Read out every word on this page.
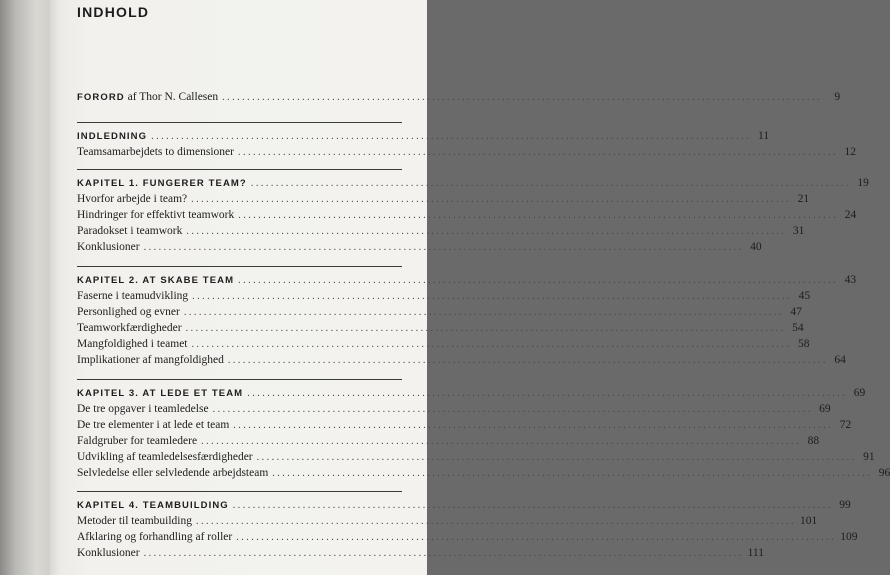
INDHOLD
FORORD af Thor N. Callesen ........................................................................................................................	9
INDLEDNING ........................................................................................................................ 11
Teamsamarbejdets to dimensioner ........................................................................................................................ 12
KAPITEL 1. FUNGERER TEAM? ........................................................................................................................ 19
Hvorfor arbejde i team? ........................................................................................................................ 21
Hindringer for effektivt teamwork ........................................................................................................................ 24
Paradokset i teamwork ........................................................................................................................ 31
Konklusioner ........................................................................................................................ 40
KAPITEL 2. AT SKABE TEAM ........................................................................................................................ 43
Faserne i teamudvikling ........................................................................................................................ 45
Personlighed og evner ........................................................................................................................ 47
Teamworkfærdigheder ........................................................................................................................ 54
Mangfoldighed i teamet ........................................................................................................................ 58
Implikationer af mangfoldighed ........................................................................................................................ 64
KAPITEL 3. AT LEDE ET TEAM ........................................................................................................................ 69
De tre opgaver i teamledelse ........................................................................................................................ 69
De tre elementer i at lede et team ........................................................................................................................ 72
Faldgruber for teamledere ........................................................................................................................ 88
Udvikling af teamledelsesfærdigheder ........................................................................................................................ 91
Selvledelse eller selvledende arbejdsteam ........................................................................................................................ 96
KAPITEL 4. TEAMBUILDING ........................................................................................................................ 99
Metoder til teambuilding ........................................................................................................................ 101
Afklaring og forhandling af roller ........................................................................................................................ 109
Konklusioner ........................................................................................................................ 111
